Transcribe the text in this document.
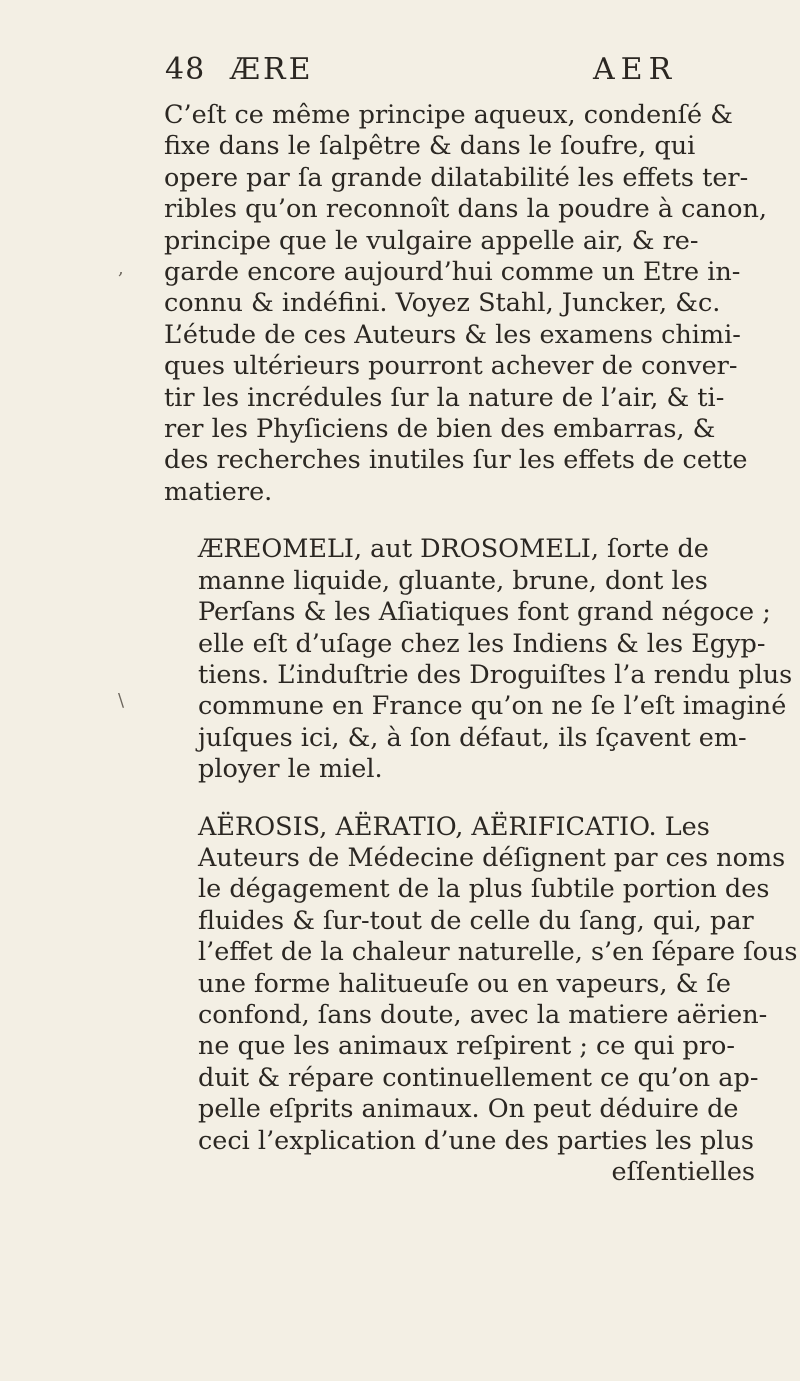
48 ÆRE	AER
,
\
C’eſt ce même principe aqueux, condenſé &
fixe dans le ſalpêtre & dans le ſoufre, qui
opere par ſa grande dilatabilité les effets ter-
ribles qu’on reconnoît dans la poudre à canon,
principe que le vulgaire appelle air, & re-
garde encore aujourd’hui comme un Etre in-
connu & indéfini. Voyez Stahl, Juncker, &c.
L’étude de ces Auteurs & les examens chimi-
ques ultérieurs pourront achever de conver-
tir les incrédules ſur la nature de l’air, & ti-
rer les Phyſiciens de bien des embarras, &
des recherches inutiles ſur les effets de cette
matiere.
ÆREOMELI, aut DROSOMELI, ſorte de
manne liquide, gluante, brune, dont les
Perſans & les Aſiatiques font grand négoce ;
elle eſt d’uſage chez les Indiens & les Egyp-
tiens. L’induſtrie des Droguiſtes l’a rendu plus
commune en France qu’on ne ſe l’eſt imaginé
juſques ici, &, à ſon défaut, ils ſçavent em-
ployer le miel.
AËROSIS, AËRATIO, AËRIFICATIO. Les
Auteurs de Médecine déſignent par ces noms
le dégagement de la plus ſubtile portion des
fluides & ſur-tout de celle du ſang, qui, par
l’effet de la chaleur naturelle, s’en ſépare ſous
une forme halitueuſe ou en vapeurs, & ſe
confond, ſans doute, avec la matiere aërien-
ne que les animaux reſpirent ; ce qui pro-
duit & répare continuellement ce qu’on ap-
pelle eſprits animaux. On peut déduire de
ceci l’explication d’une des parties les plus
eſſentielles
